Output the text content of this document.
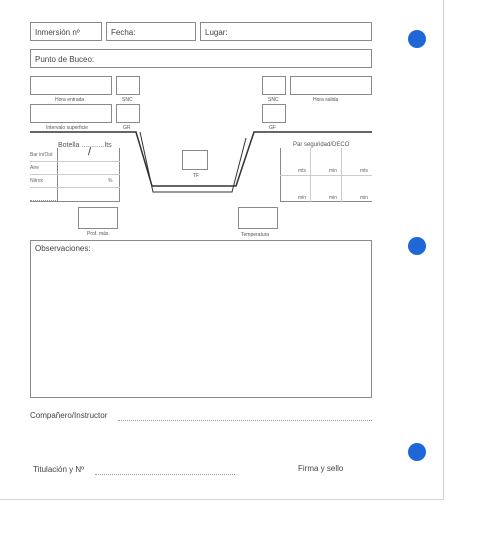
Inmersión nº	Fecha:	Lugar:
Punto de Buceo:
Hora entrada	SNC
Intervalo superficie	GR
SNC	Hora salida
GF
TF
Botella ............lts
Bar in/Out	/
Aire
Nitrox	%
Par seguridad/DECO
mts	min	mts
min	min	min
Prof. máx.	Temperatura
Observaciones:
Compañero/Instructor
Titulación y Nº	Firma y sello
